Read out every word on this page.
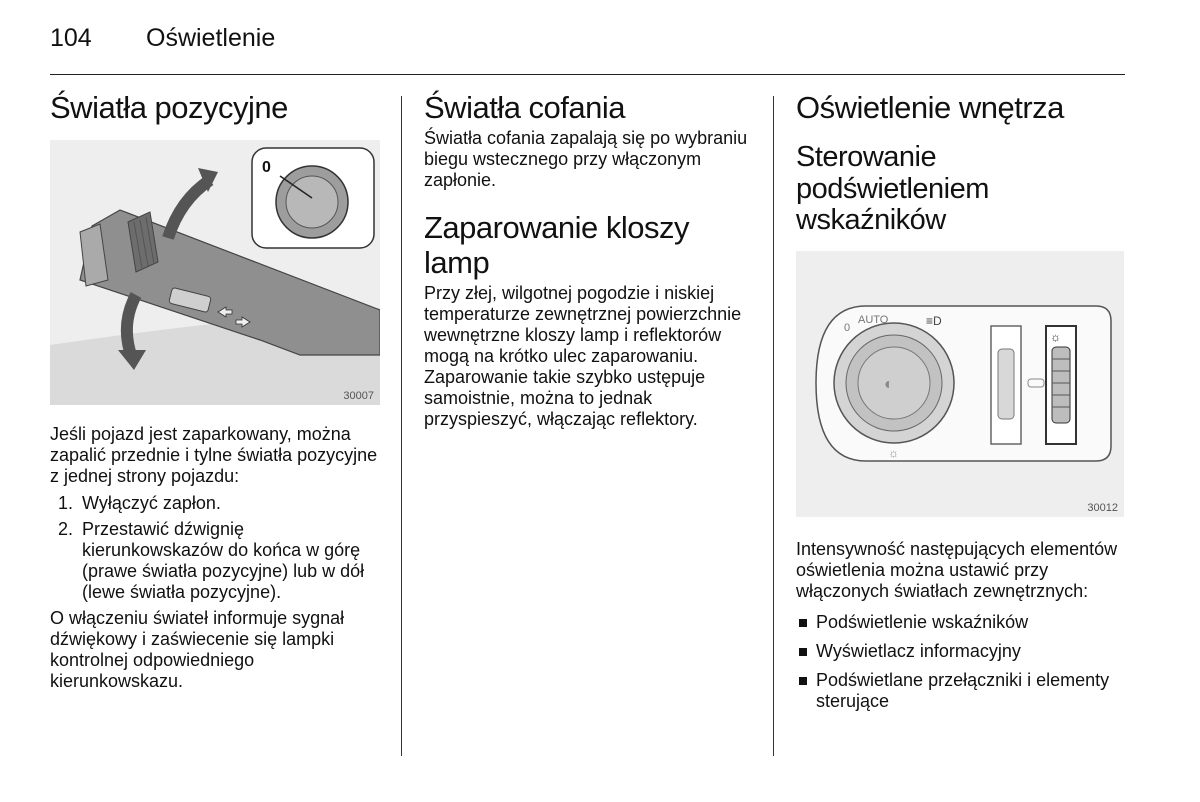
104 Oświetlenie
Światła pozycyjne
0
30007

Jeśli pojazd jest zaparkowany, można zapalić przednie i tylne światła pozycyjne z jednej strony pojazdu:

1. Wyłączyć zapłon.
2. Przestawić dźwignię kierunkowskazów do końca w górę (prawe światła pozycyjne) lub w dół (lewe światła pozycyjne).

O włączeniu świateł informuje sygnał dźwiękowy i zaświecenie się lampki kontrolnej odpowiedniego kierunkowskazu.

Światła cofania

Światła cofania zapalają się po wybraniu biegu wstecznego przy włączonym zapłonie.

Zaparowanie kloszy lamp

Przy złej, wilgotnej pogodzie i niskiej temperaturze zewnętrznej powierzchnie wewnętrzne kloszy lamp i reflektorów mogą na krótko ulec zaparowaniu. Zaparowanie takie szybko ustępuje samoistnie, można to jednak przyspieszyć, włączając reflektory.

Oświetlenie wnętrza
Sterowanie podświetleniem wskaźników
◐
0
AUTO	≡D
☼
☼
30012

Intensywność następujących elementów oświetlenia można ustawić przy włączonych światłach zewnętrznych:

Podświetlenie wskaźników
Wyświetlacz informacyjny
Podświetlane przełączniki i elementy sterujące
